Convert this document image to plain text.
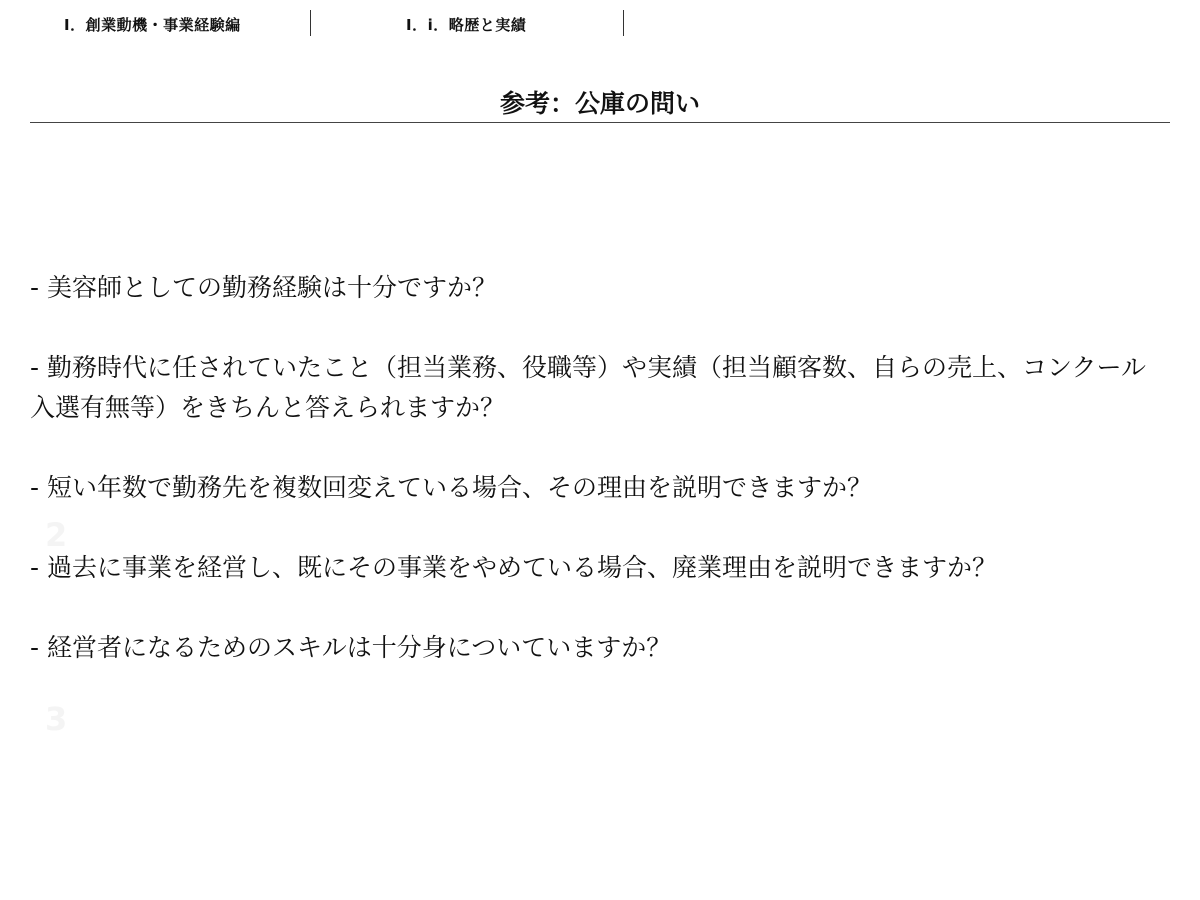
Ⅰ．創業動機・事業経験編	Ⅰ．ⅰ．略歴と実績
参考：公庫の問い
2
3
- 美容師としての勤務経験は十分ですか？
- 勤務時代に任されていたこと（担当業務、役職等）や実績（担当顧客数、自らの売上、コンクール入選有無等）をきちんと答えられますか？
- 短い年数で勤務先を複数回変えている場合、その理由を説明できますか？
- 過去に事業を経営し、既にその事業をやめている場合、廃業理由を説明できますか？
- 経営者になるためのスキルは十分身についていますか？
